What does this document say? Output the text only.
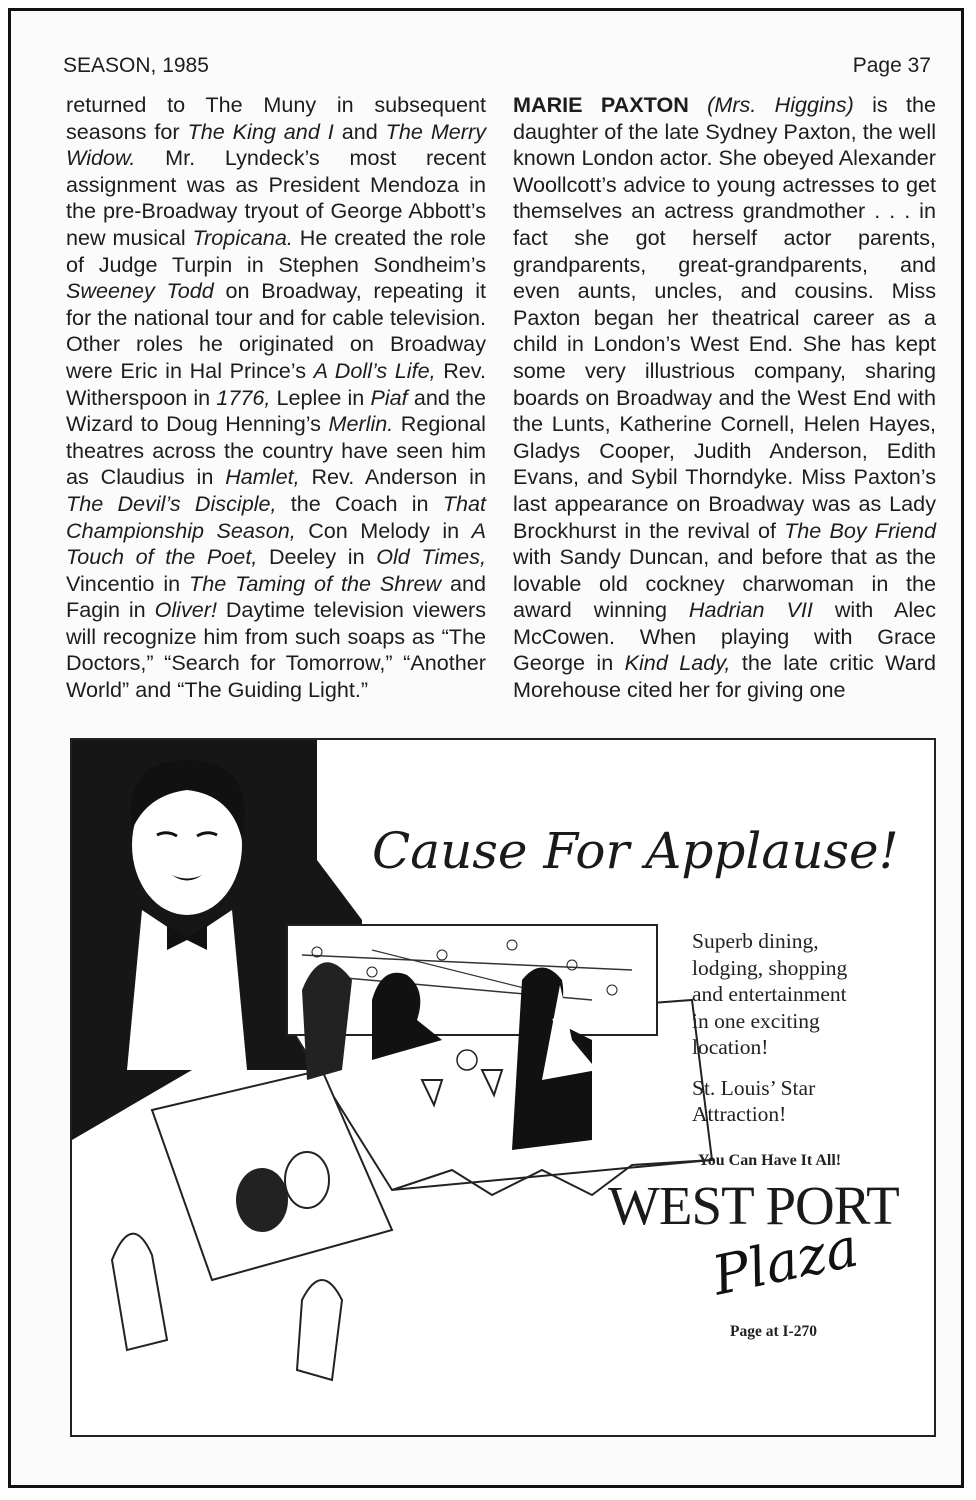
SEASON, 1985	Page 37

returned to The Muny in subsequent seasons for The King and I and The Merry Widow. Mr. Lyndeck’s most recent assignment was as President Mendoza in the pre-Broadway tryout of George Abbott’s new musical Tropicana. He created the role of Judge Turpin in Stephen Sondheim’s Sweeney Todd on Broadway, repeating it for the national tour and for cable television. Other roles he originated on Broadway were Eric in Hal Prince’s A Doll’s Life, Rev. Witherspoon in 1776, Leplee in Piaf and the Wizard to Doug Henning’s Merlin. Regional theatres across the country have seen him as Claudius in Hamlet, Rev. Anderson in The Devil’s Disciple, the Coach in That Championship Season, Con Melody in A Touch of the Poet, Deeley in Old Times, Vincentio in The Taming of the Shrew and Fagin in Oliver! Daytime television viewers will recognize him from such soaps as “The Doctors,” “Search for Tomorrow,” “Another World” and “The Guiding Light.”

MARIE PAXTON (Mrs. Higgins) is the daughter of the late Sydney Paxton, the well known London actor. She obeyed Alexander Woollcott’s advice to young actresses to get themselves an actress grandmother . . . in fact she got herself actor parents, grandparents, great-grandparents, and even aunts, uncles, and cousins. Miss Paxton began her theatrical career as a child in London’s West End. She has kept some very illustrious company, sharing boards on Broadway and the West End with the Lunts, Katherine Cornell, Helen Hayes, Gladys Cooper, Judith Anderson, Edith Evans, and Sybil Thorndyke. Miss Paxton’s last appearance on Broadway was as Lady Brockhurst in the revival of The Boy Friend with Sandy Duncan, and before that as the lovable old cockney charwoman in the award winning Hadrian VII with Alec McCowen. When playing with Grace George in Kind Lady, the late critic Ward Morehouse cited her for giving one

Cause For Applause!
Superb dining,
lodging, shopping
and entertainment
in one exciting
location!
St. Louis’ Star
Attraction!
You Can Have It All!
WEST PORT
Plaza
Page at I-270
